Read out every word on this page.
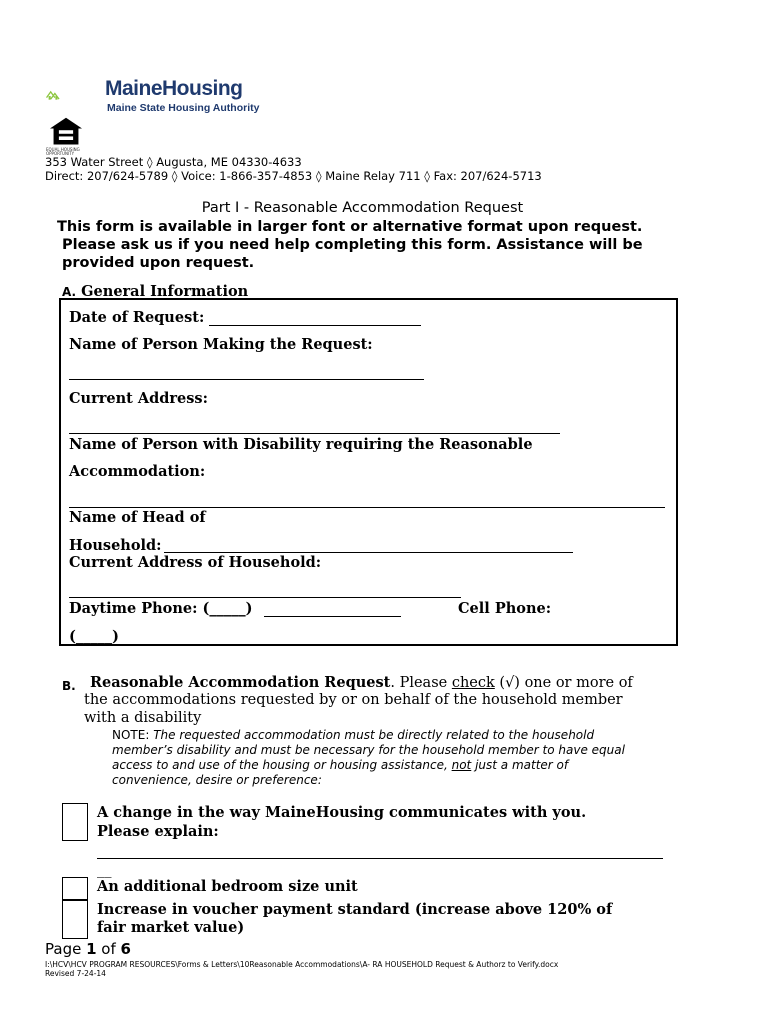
MaineHousing
Maine State Housing Authority
EQUAL HOUSING OPPORTUNITY
353 Water Street ◊ Augusta, ME 04330-4633
Direct: 207/624-5789 ◊ Voice: 1-866-357-4853 ◊ Maine Relay 711 ◊ Fax: 207/624-5713
Part I - Reasonable Accommodation Request
This form is available in larger font or alternative format upon request.
Please ask us if you need help completing this form. Assistance will be
provided upon request.
A. General Information
Date of Request:
Name of Person Making the Request:
Current Address:
Name of Person with Disability requiring the Reasonable
Accommodation:
Name of Head of
Household:
Current Address of Household:
Daytime Phone: (_____)	Cell Phone:
(_____)
B. Reasonable Accommodation Request. Please check (√) one or more of
the accommodations requested by or on behalf of the household member
with a disability
NOTE: The requested accommodation must be directly related to the household
member’s disability and must be necessary for the household member to have equal
access to and use of the housing or housing assistance, not just a matter of
convenience, desire or preference:
A change in the way MaineHousing communicates with you.
Please explain:
__
An additional bedroom size unit
Increase in voucher payment standard (increase above 120% of
fair market value)
Page 1 of 6
I:\HCV\HCV PROGRAM RESOURCES\Forms & Letters\10Reasonable Accommodations\A- RA HOUSEHOLD Request & Authorz to Verify.docx
Revised 7-24-14
